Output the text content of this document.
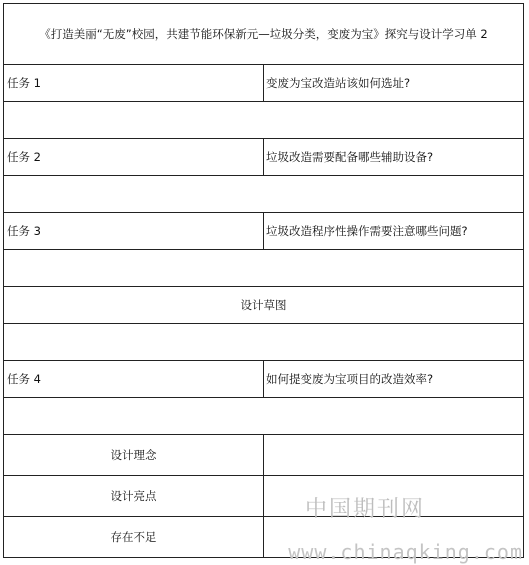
《打造美丽“无废”校园，共建节能环保新元—垃圾分类，变废为宝》探究与设计学习单 2	
任务 1	变废为宝改造站该如何选址?

任务 2	垃圾改造需要配备哪些辅助设备?

任务 3	垃圾改造程序性操作需要注意哪些问题?

设计草图	

任务 4	如何提变废为宝项目的改造效率?

设计理念	
设计亮点	
存在不足	
中国期刊网
www.chinaqking.com
